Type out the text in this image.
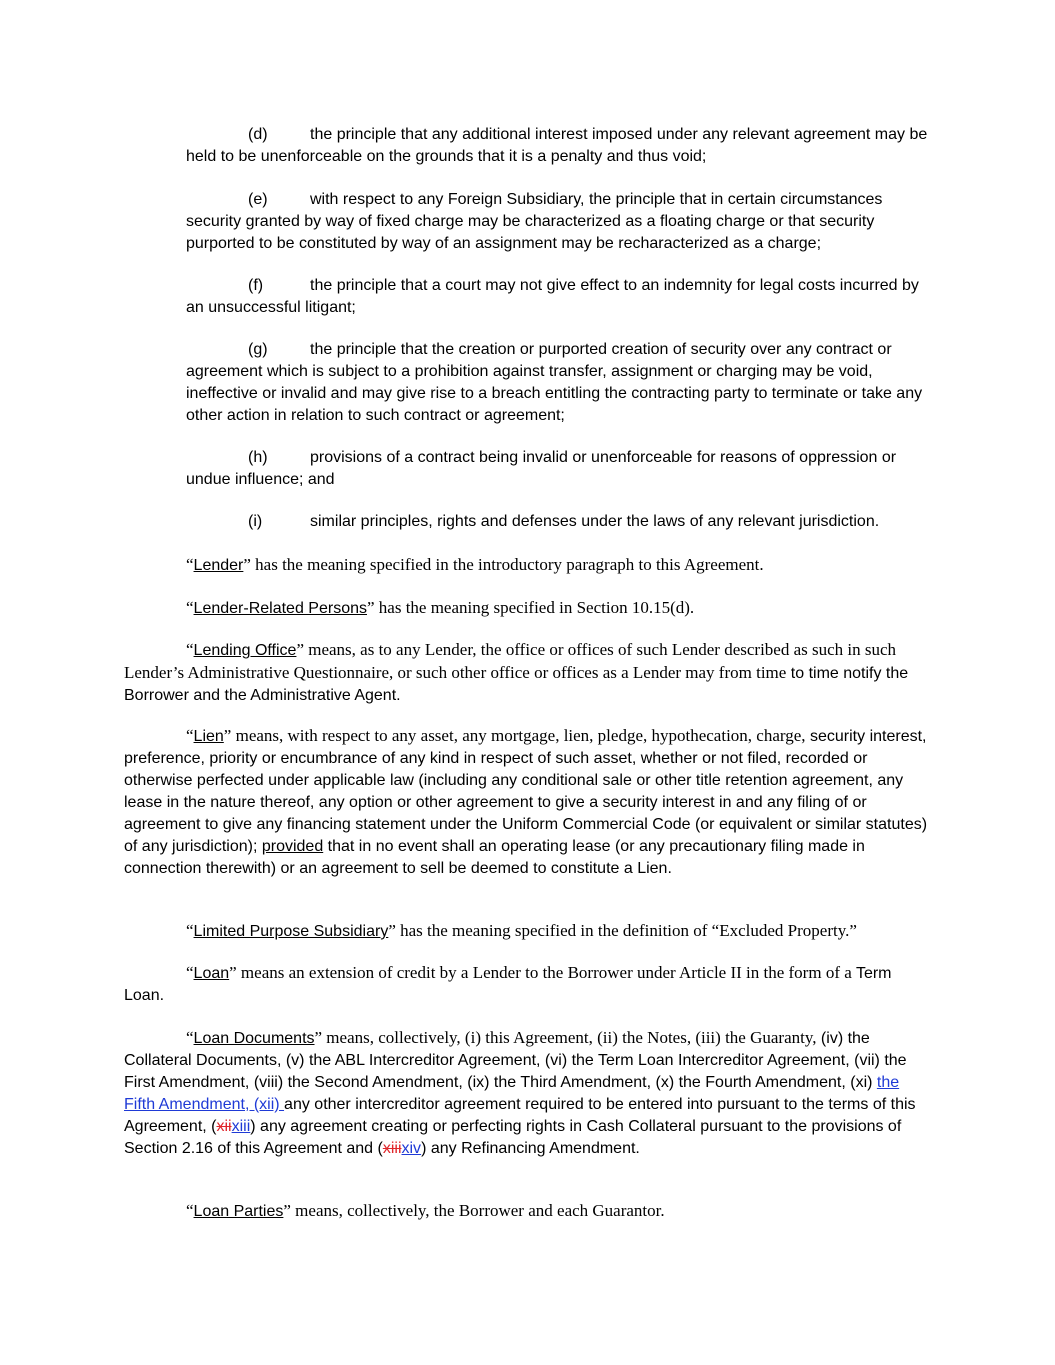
(d)	the principle that any additional interest imposed under any relevant agreement may be held to be unenforceable on the grounds that it is a penalty and thus void;

(e)	with respect to any Foreign Subsidiary, the principle that in certain circumstances security granted by way of fixed charge may be characterized as a floating charge or that security purported to be constituted by way of an assignment may be recharacterized as a charge;

(f)	the principle that a court may not give effect to an indemnity for legal costs incurred by an unsuccessful litigant;

(g)	the principle that the creation or purported creation of security over any contract or agreement which is subject to a prohibition against transfer, assignment or charging may be void, ineffective or invalid and may give rise to a breach entitling the contracting party to terminate or take any other action in relation to such contract or agreement;

(h)	provisions of a contract being invalid or unenforceable for reasons of oppression or undue influence; and

(i)	similar principles, rights and defenses under the laws of any relevant jurisdiction.

“Lender” has the meaning specified in the introductory paragraph to this Agreement.

“Lender-Related Persons” has the meaning specified in Section 10.15(d).

“Lending Office” means, as to any Lender, the office or offices of such Lender described as such in such Lender’s Administrative Questionnaire, or such other office or offices as a Lender may from time to time notify the Borrower and the Administrative Agent.

“Lien” means, with respect to any asset, any mortgage, lien, pledge, hypothecation, charge, security interest, preference, priority or encumbrance of any kind in respect of such asset, whether or not filed, recorded or otherwise perfected under applicable law (including any conditional sale or other title retention agreement, any lease in the nature thereof, any option or other agreement to give a security interest in and any filing of or agreement to give any financing statement under the Uniform Commercial Code (or equivalent or similar statutes) of any jurisdiction); provided that in no event shall an operating lease (or any precautionary filing made in connection therewith) or an agreement to sell be deemed to constitute a Lien.

“Limited Purpose Subsidiary” has the meaning specified in the definition of “Excluded Property.”

“Loan” means an extension of credit by a Lender to the Borrower under Article II in the form of a Term Loan.

“Loan Documents” means, collectively, (i) this Agreement, (ii) the Notes, (iii) the Guaranty, (iv) the Collateral Documents, (v) the ABL Intercreditor Agreement, (vi) the Term Loan Intercreditor Agreement, (vii) the First Amendment, (viii) the Second Amendment, (ix) the Third Amendment, (x) the Fourth Amendment, (xi) the Fifth Amendment, (xii) any other intercreditor agreement required to be entered into pursuant to the terms of this Agreement, (xiixiii) any agreement creating or perfecting rights in Cash Collateral pursuant to the provisions of Section 2.16 of this Agreement and (xiiixiv) any Refinancing Amendment.

“Loan Parties” means, collectively, the Borrower and each Guarantor.
